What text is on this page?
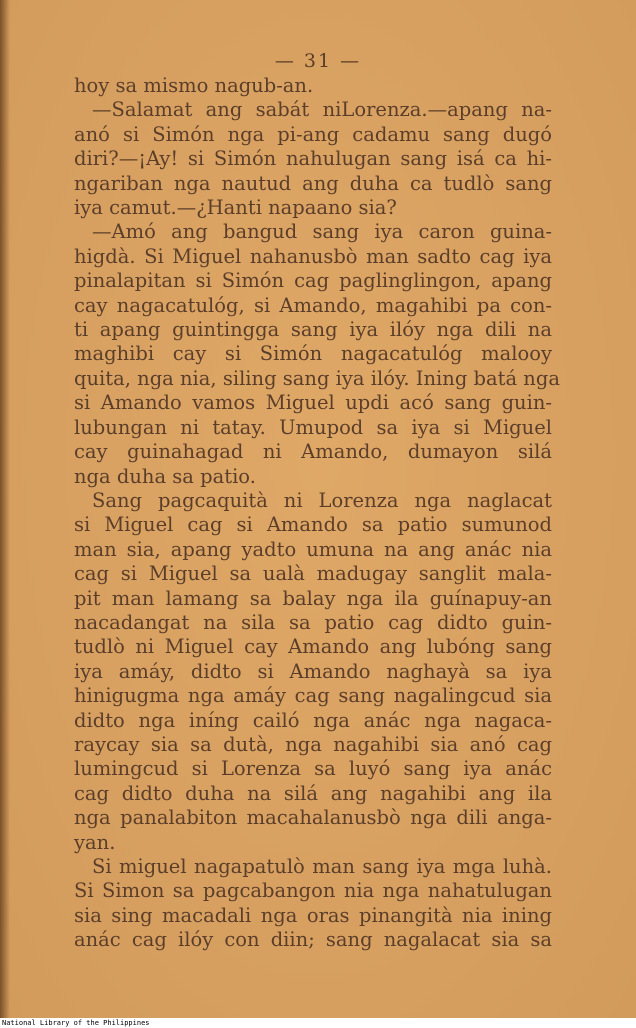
— 31 —
hoy sa mismo nagub-an.
—Salamat ang sabát niLorenza.—apang na-
anó si Simón nga pi-ang cadamu sang dugó
diri?—¡Ay! si Simón nahulugan sang isá ca hi-
ngariban nga nautud ang duha ca tudlò sang
iya camut.—¿Hanti napaano sia?
—Amó ang bangud sang iya caron guina-
higdà. Si Miguel nahanusbò man sadto cag iya
pinalapitan si Simón cag paglinglingon, apang
cay nagacatulóg, si Amando, magahibi pa con-
ti apang guintingga sang iya ilóy nga dili na
maghibi cay si Simón nagacatulóg malooy
quita, nga nia, siling sang iya ilóy. Ining batá nga
si Amando vamos Miguel updi acó sang guin-
lubungan ni tatay. Umupod sa iya si Miguel
cay guinahagad ni Amando, dumayon silá
nga duha sa patio.
Sang pagcaquità ni Lorenza nga naglacat
si Miguel cag si Amando sa patio sumunod
man sia, apang yadto umuna na ang anác nia
cag si Miguel sa ualà madugay sanglit mala-
pit man lamang sa balay nga ila guínapuy-an
nacadangat na sila sa patio cag didto guin-
tudlò ni Miguel cay Amando ang lubóng sang
iya amáy, didto si Amando naghayà sa iya
hinigugma nga amáy cag sang nagalingcud sia
didto nga iníng cailó nga anác nga nagaca-
raycay sia sa dutà, nga nagahibi sia anó cag
lumingcud si Lorenza sa luyó sang iya anác
cag didto duha na silá ang nagahibi ang ila
nga panalabiton macahalanusbò nga dili anga-
yan.
Si miguel nagapatulò man sang iya mga luhà.
Si Simon sa pagcabangon nia nga nahatulugan
sia sing macadali nga oras pinangità nia ining
anác cag ilóy con diin; sang nagalacat sia sa
National Library of the Philippines
